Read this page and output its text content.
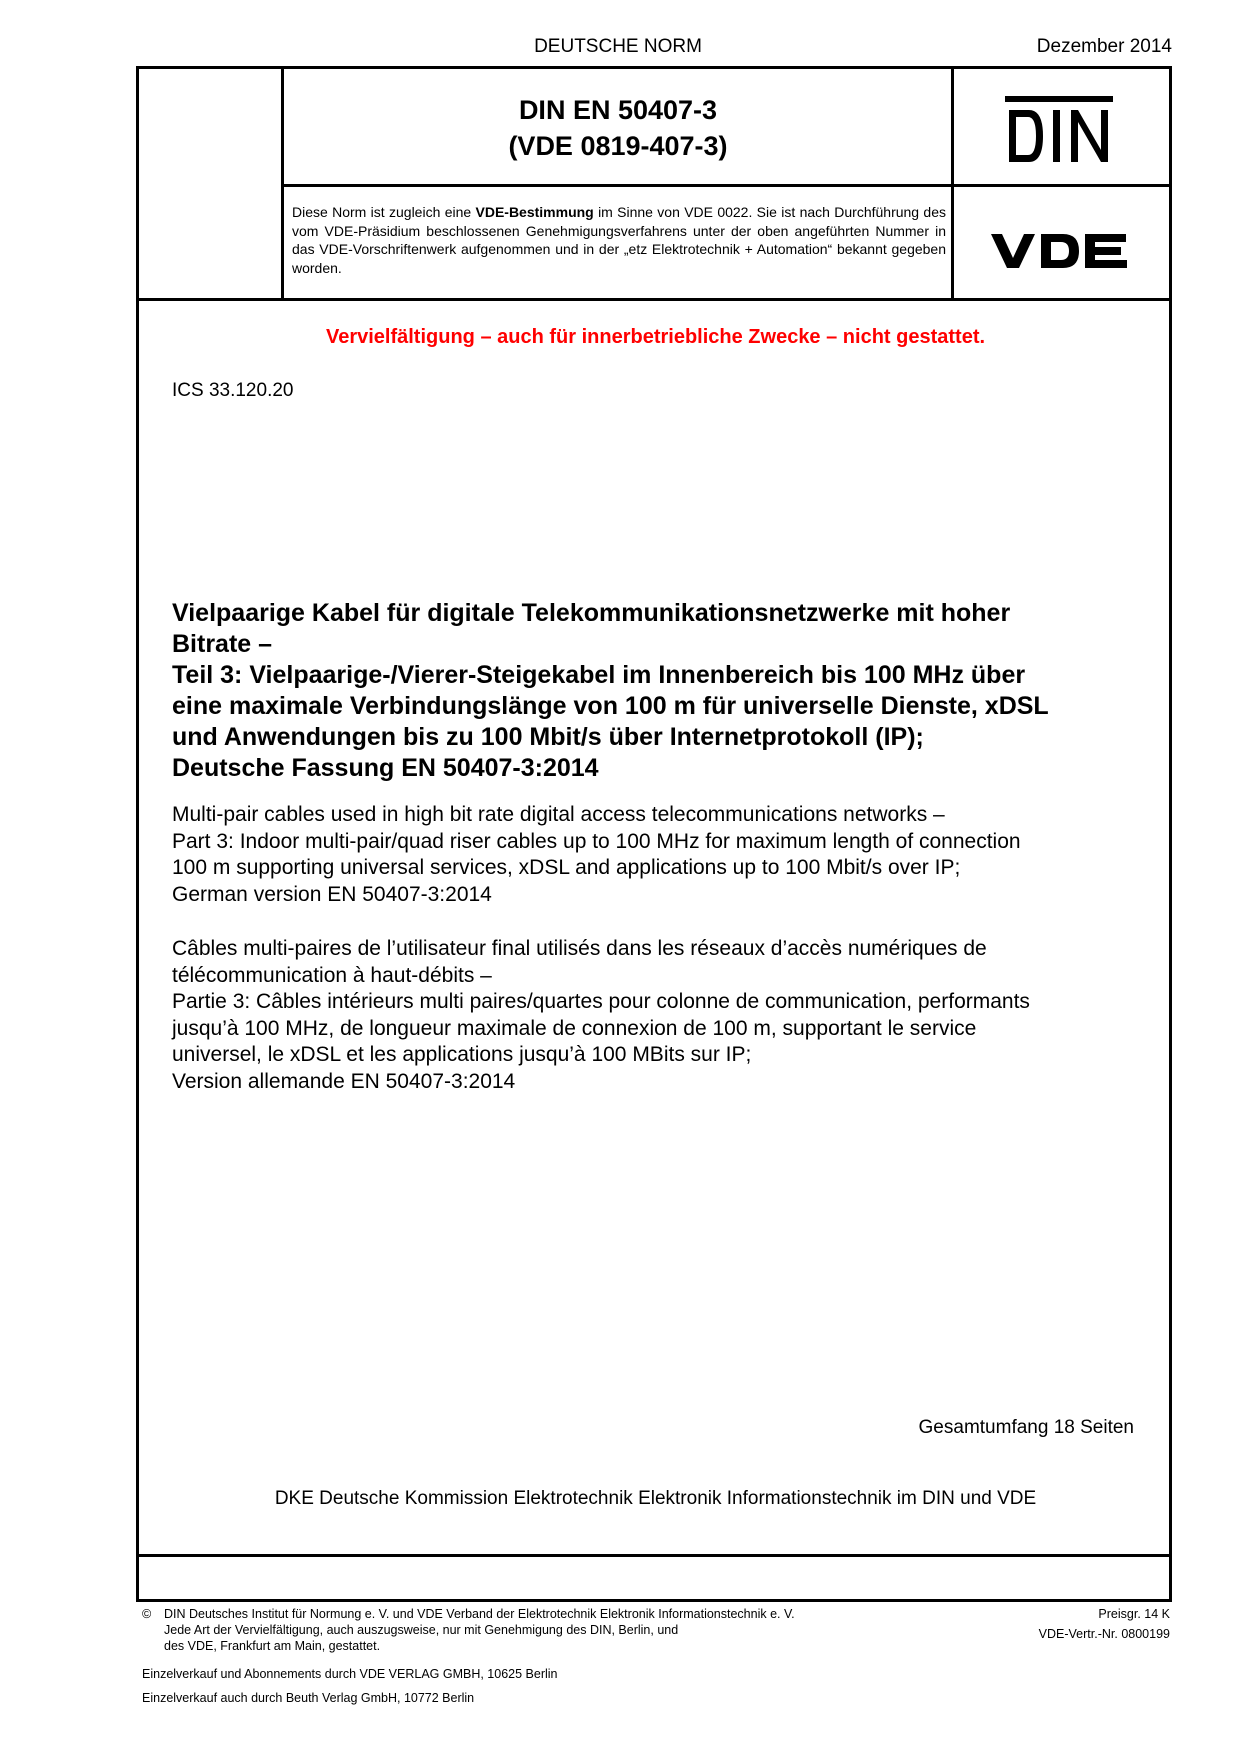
DEUTSCHE NORM	Dezember 2014
DIN EN 50407-3
(VDE 0819-407-3)
Diese Norm ist zugleich eine VDE-Bestimmung im Sinne von VDE 0022. Sie ist nach Durchführung des vom VDE-Präsidium beschlossenen Genehmigungsverfahrens unter der oben angeführten Nummer in das VDE-Vorschriftenwerk aufgenommen und in der „etz Elektrotechnik + Automation“ bekannt gegeben worden.
Vervielfältigung – auch für innerbetriebliche Zwecke – nicht gestattet.
ICS 33.120.20

Vielpaarige Kabel für digitale Telekommunikationsnetzwerke mit hoher

Bitrate –

Teil 3: Vielpaarige-/Vierer-Steigekabel im Innenbereich bis 100 MHz über

eine maximale Verbindungslänge von 100 m für universelle Dienste, xDSL

und Anwendungen bis zu 100 Mbit/s über Internetprotokoll (IP);

Deutsche Fassung EN 50407-3:2014

Multi-pair cables used in high bit rate digital access telecommunications networks –

Part 3: Indoor multi-pair/quad riser cables up to 100 MHz for maximum length of connection

100 m supporting universal services, xDSL and applications up to 100 Mbit/s over IP;

German version EN 50407-3:2014

Câbles multi-paires de l’utilisateur final utilisés dans les réseaux d’accès numériques de

télécommunication à haut-débits –

Partie 3: Câbles intérieurs multi paires/quartes pour colonne de communication, performants

jusqu’à 100 MHz, de longueur maximale de connexion de 100 m, supportant le service

universel, le xDSL et les applications jusqu’à 100 MBits sur IP;

Version allemande EN 50407-3:2014

Gesamtumfang 18 Seiten
DKE Deutsche Kommission Elektrotechnik Elektronik Informationstechnik im DIN und VDE
© DIN Deutsches Institut für Normung e. V. und VDE Verband der Elektrotechnik Elektronik Informationstechnik e. V.

Jede Art der Vervielfältigung, auch auszugsweise, nur mit Genehmigung des DIN, Berlin, und

des VDE, Frankfurt am Main, gestattet.

Preisgr. 14 K
VDE-Vertr.-Nr. 0800199
Einzelverkauf und Abonnements durch VDE VERLAG GMBH, 10625 Berlin
Einzelverkauf auch durch Beuth Verlag GmbH, 10772 Berlin
